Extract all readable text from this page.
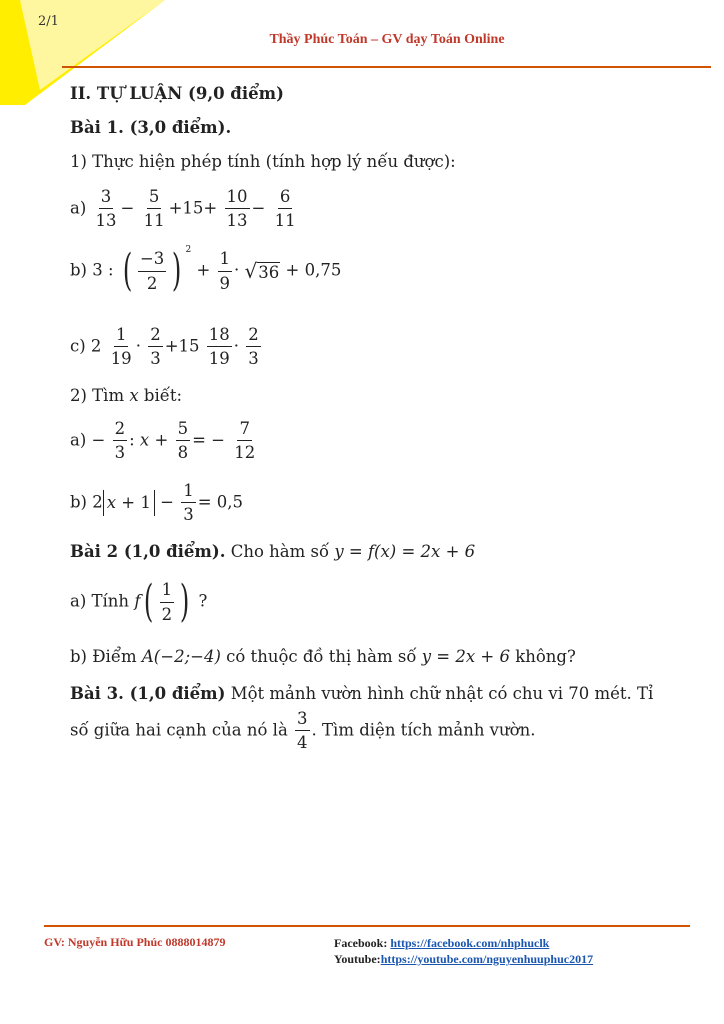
2/1
Thầy Phúc Toán – GV dạy Toán Online
II. TỰ LUẬN (9,0 điểm)
Bài 1. (3,0 điểm).
1) Thực hiện phép tính (tính hợp lý nếu được):
$a) \frac{3}{13} - \frac{5}{11} +15+ \frac{10}{13} - \frac{6}{11}$
b) 3 : ( $\frac{-3}{2}$ ) $^2 + \frac{1}{9} \cdot √36 + 0,75$
c) $2 \frac{1}{19} \cdot \frac{2}{3} +15 \frac{18}{19} \cdot \frac{2}{3}$
2) Tìm x biết:
$a) - \frac{2}{3}$ : $x + \frac{5}{8}$ = − $\frac{7}{12}$
b) 2 $x + 1 - \frac{1}{3} = 0,5$
Bài 2 (1,0 điểm). Cho hàm số y = f(x) = 2x + 6
a) Tính $f( \frac{1}{2}$ ) ?
b) Điểm A(−2;−4) có thuộc đồ thị hàm số y = 2x + 6 không?
Bài 3. (1,0 điểm) Một mảnh vườn hình chữ nhật có chu vi 70 mét. Tỉ
số giữa hai cạnh của nó là $\frac{3}{4}$ . Tìm diện tích mảnh vườn.
GV: Nguyễn Hữu Phúc 0888014879	Facebook: https://facebook.com/nhphuclk
Youtube:https://youtube.com/nguyenhuuphuc2017
